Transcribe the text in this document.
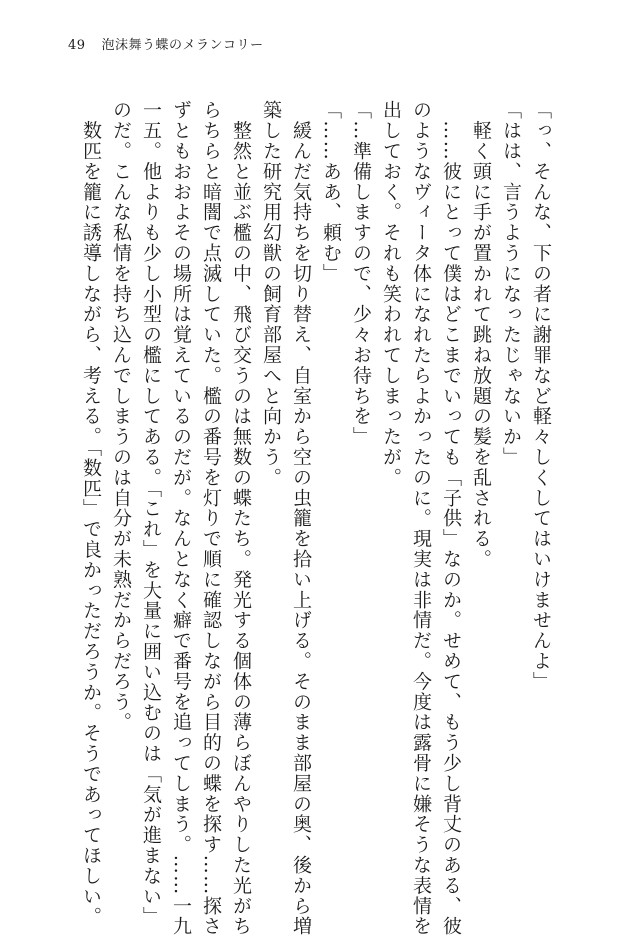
49 泡沫舞う蝶のメランコリー
「っ、そんな、下の者に謝罪など軽々しくしてはいけませんよ」
「はは、言うようになったじゃないか」
　軽く頭に手が置かれて跳ね放題の髪を乱される。
　……彼にとって僕はどこまでいっても「子供」なのか。せめて、もう少し背丈のある、彼
のようなヴィータ体になれたらよかったのに。現実は非情だ。今度は露骨に嫌そうな表情を
出しておく。それも笑われてしまったが。
「…準備しますので、少々お待ちを」
「……ああ、頼む」
　緩んだ気持ちを切り替え、自室から空の虫籠を拾い上げる。そのまま部屋の奥、後から増
築した研究用幻獣の飼育部屋へと向かう。
　整然と並ぶ檻の中、飛び交うのは無数の蝶たち。発光する個体の薄らぼんやりした光がち
らちらと暗闇で点滅していた。檻の番号を灯りで順に確認しながら目的の蝶を探す……探さ
ずともおおよその場所は覚えているのだが。なんとなく癖で番号を追ってしまう。……一九
一五。他よりも少し小型の檻にしてある。「これ」を大量に囲い込むのは「気が進まない」
のだ。こんな私情を持ち込んでしまうのは自分が未熟だからだろう。
　数匹を籠に誘導しながら、考える。「数匹」で良かっただろうか。そうであってほしい。
